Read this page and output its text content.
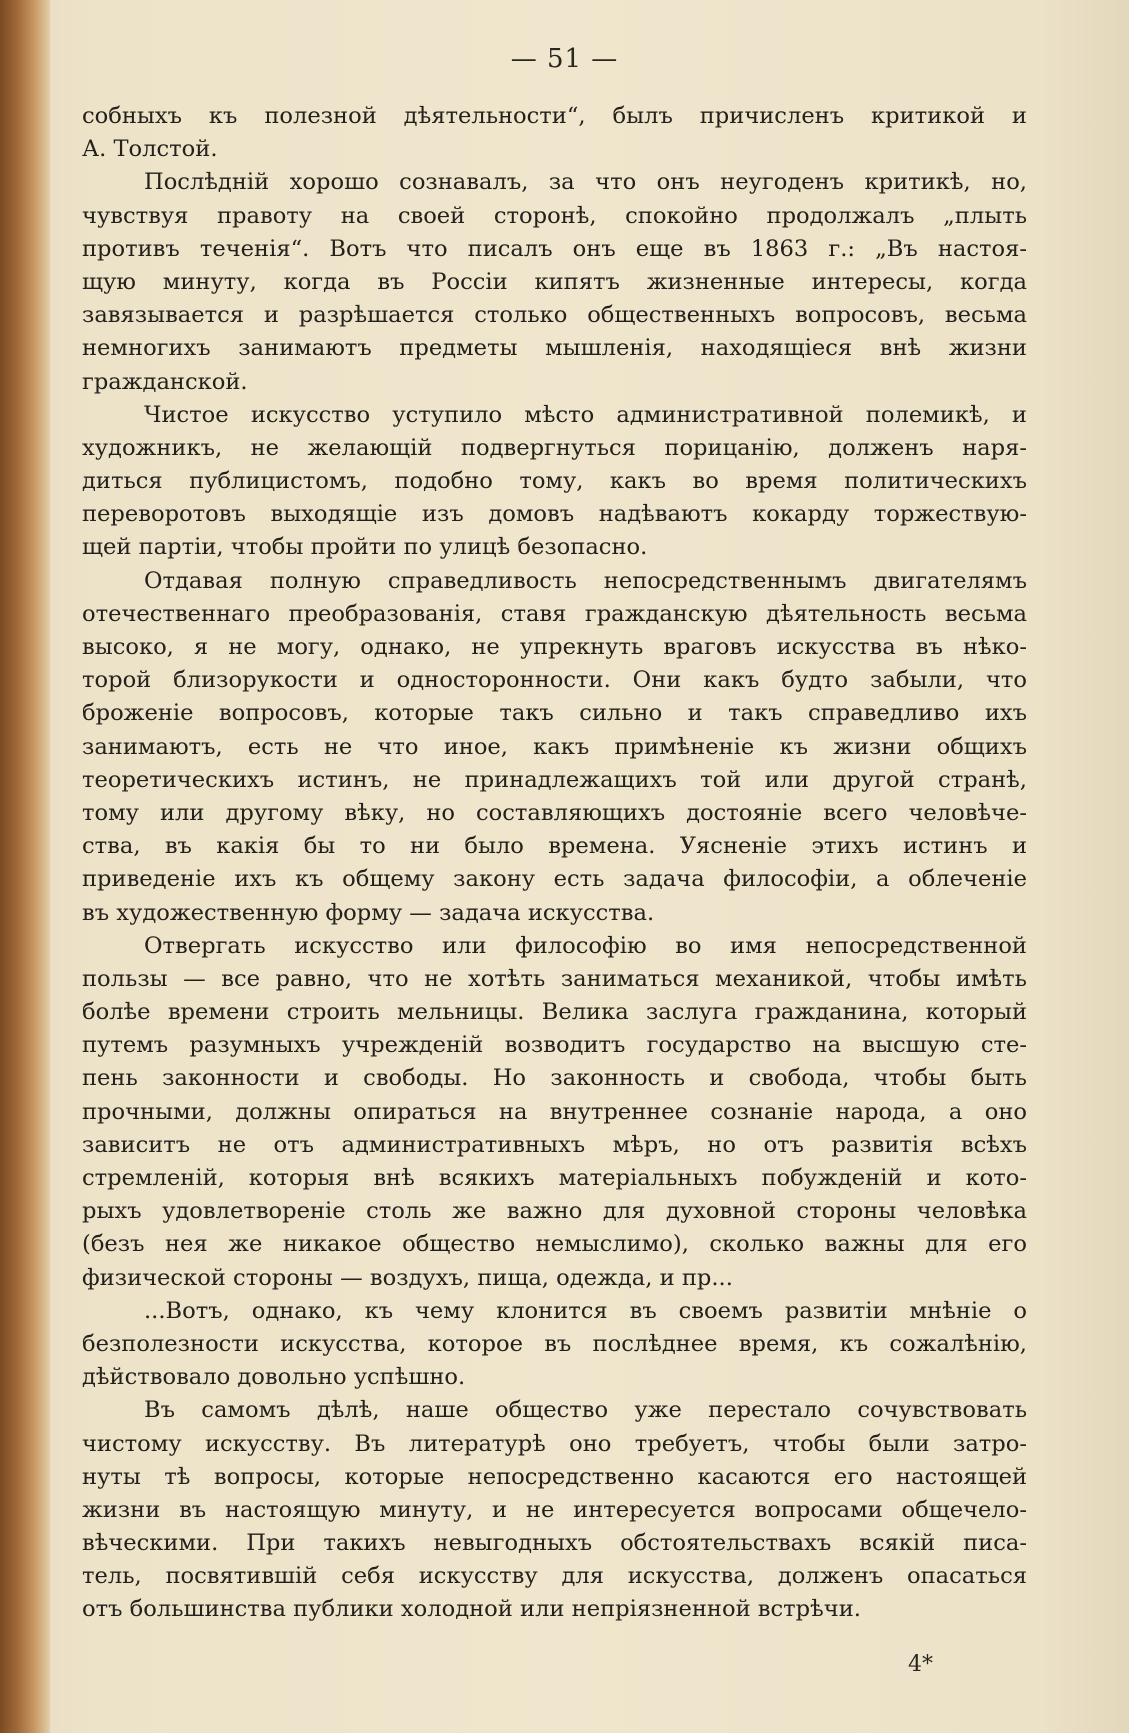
— 51 —
собныхъ къ полезной дѣятельности“, былъ причисленъ критикой и
А. Толстой.
Послѣдній хорошо сознавалъ, за что онъ неугоденъ критикѣ, но,
чувствуя правоту на своей сторонѣ, спокойно продолжалъ „плыть
противъ теченія“. Вотъ что писалъ онъ еще въ 1863 г.: „Въ настоя-
щую минуту, когда въ Россіи кипятъ жизненные интересы, когда
завязывается и разрѣшается столько общественныхъ вопросовъ, весьма
немногихъ занимаютъ предметы мышленія, находящіеся внѣ жизни
гражданской.
Чистое искусство уступило мѣсто административной полемикѣ, и
художникъ, не желающій подвергнуться порицанію, долженъ наря-
диться публицистомъ, подобно тому, какъ во время политическихъ
переворотовъ выходящіе изъ домовъ надѣваютъ кокарду торжествую-
щей партіи, чтобы пройти по улицѣ безопасно.
Отдавая полную справедливость непосредственнымъ двигателямъ
отечественнаго преобразованія, ставя гражданскую дѣятельность весьма
высоко, я не могу, однако, не упрекнуть враговъ искусства въ нѣко-
торой близорукости и односторонности. Они какъ будто забыли, что
броженіе вопросовъ, которые такъ сильно и такъ справедливо ихъ
занимаютъ, есть не что иное, какъ примѣненіе къ жизни общихъ
теоретическихъ истинъ, не принадлежащихъ той или другой странѣ,
тому или другому вѣку, но составляющихъ достояніе всего человѣче-
ства, въ какія бы то ни было времена. Уясненіе этихъ истинъ и
приведеніе ихъ къ общему закону есть задача философіи, а облеченіе
въ художественную форму — задача искусства.
Отвергать искусство или философію во имя непосредственной
пользы — все равно, что не хотѣть заниматься механикой, чтобы имѣть
болѣе времени строить мельницы. Велика заслуга гражданина, который
путемъ разумныхъ учрежденій возводитъ государство на высшую сте-
пень законности и свободы. Но законность и свобода, чтобы быть
прочными, должны опираться на внутреннее сознаніе народа, а оно
зависитъ не отъ административныхъ мѣръ, но отъ развитія всѣхъ
стремленій, которыя внѣ всякихъ матеріальныхъ побужденій и кото-
рыхъ удовлетвореніе столь же важно для духовной стороны человѣка
(безъ нея же никакое общество немыслимо), сколько важны для его
физической стороны — воздухъ, пища, одежда, и пр...
...Вотъ, однако, къ чему клонится въ своемъ развитіи мнѣніе о
безполезности искусства, которое въ послѣднее время, къ сожалѣнію,
дѣйствовало довольно успѣшно.
Въ самомъ дѣлѣ, наше общество уже перестало сочувствовать
чистому искусству. Въ литературѣ оно требуетъ, чтобы были затро-
нуты тѣ вопросы, которые непосредственно касаются его настоящей
жизни въ настоящую минуту, и не интересуется вопросами общечело-
вѣческими. При такихъ невыгодныхъ обстоятельствахъ всякій писа-
тель, посвятившій себя искусству для искусства, долженъ опасаться
отъ большинства публики холодной или непріязненной встрѣчи.
4*
